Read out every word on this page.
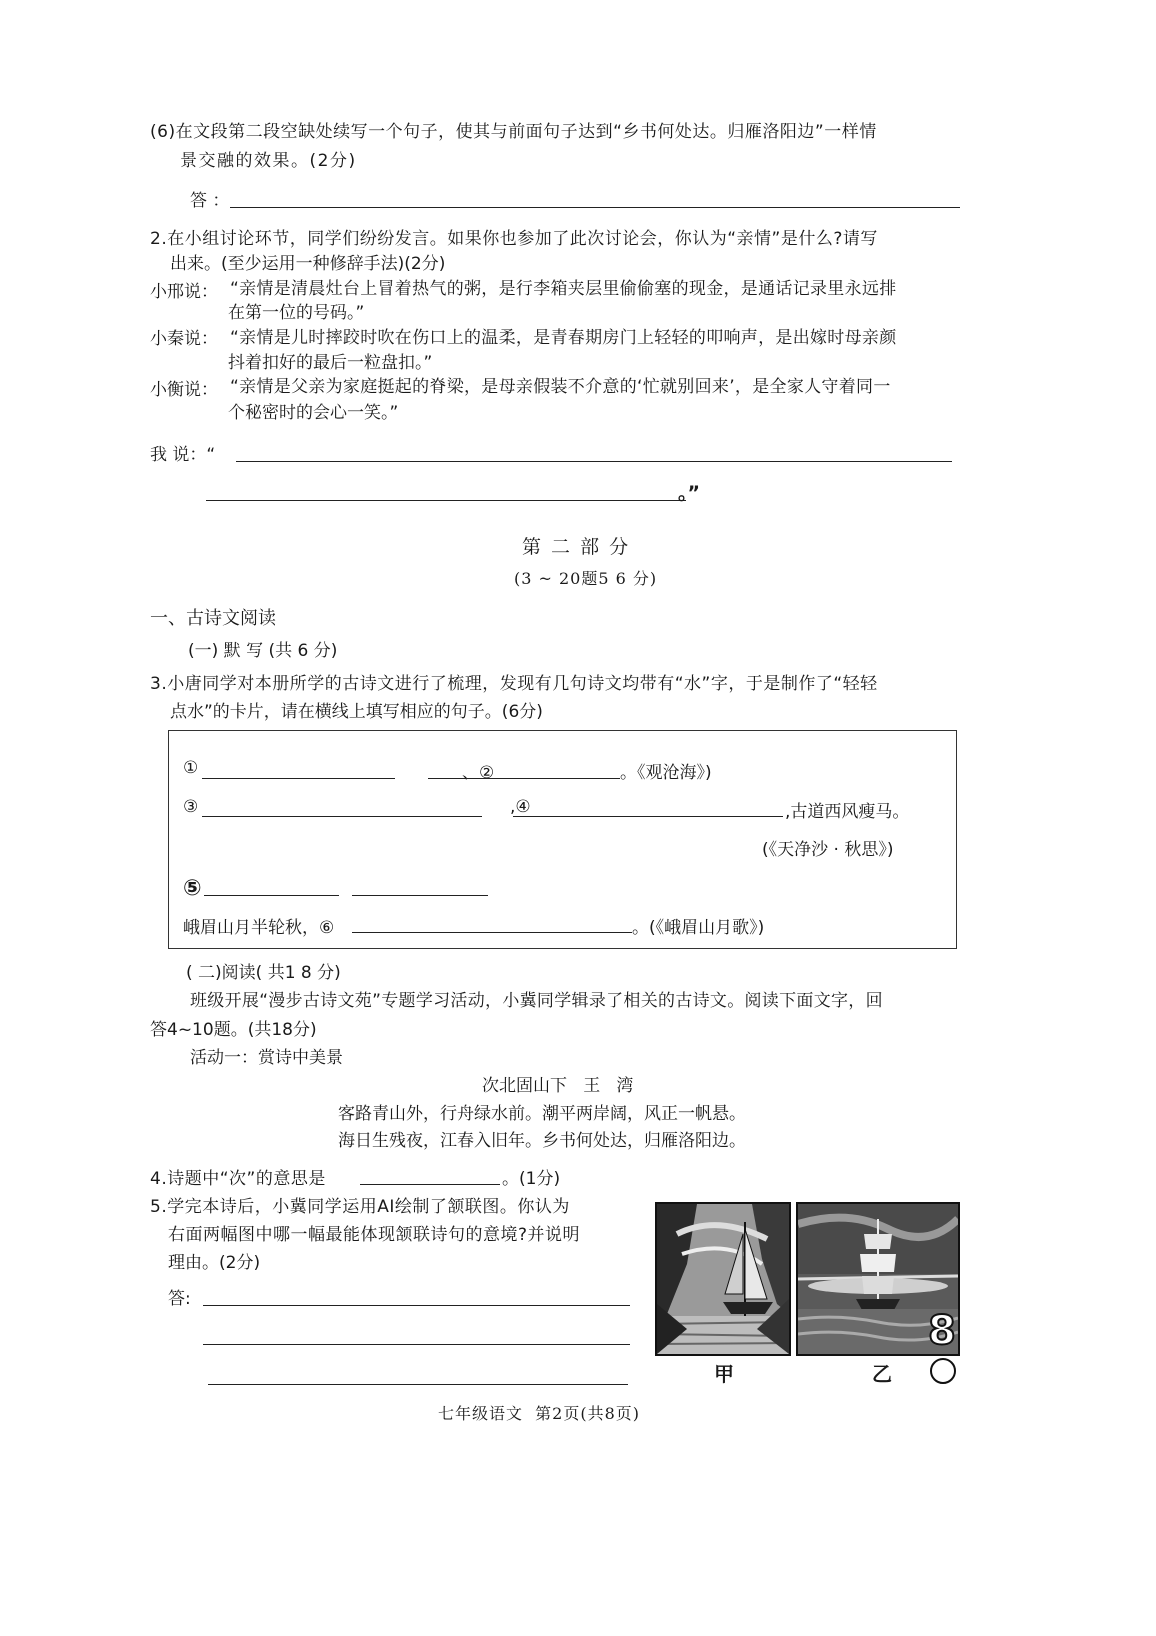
(6)在文段第二段空缺处续写一个句子，使其与前面句子达到“乡书何处达。归雁洛阳边”一样情
景交融的效果。(2分)
答 ：
2.在小组讨论环节，同学们纷纷发言。如果你也参加了此次讨论会，你认为“亲情”是什么?请写
出来。(至少运用一种修辞手法)(2分)
小邢说： “亲情是清晨灶台上冒着热气的粥，是行李箱夹层里偷偷塞的现金，是通话记录里永远排
在第一位的号码。”
小秦说： “亲情是儿时摔跤时吹在伤口上的温柔，是青春期房门上轻轻的叩响声，是出嫁时母亲颜
抖着扣好的最后一粒盘扣。”
小衡说： “亲情是父亲为家庭挺起的脊梁，是母亲假装不介意的‘忙就别回来’，是全家人守着同一
个秘密时的会心一笑。”
我 说：“
。”
第 二 部 分
(3 ~ 20题5 6 分)
一、古诗文阅读
(一) 默 写 (共 6 分)
3.小唐同学对本册所学的古诗文进行了梳理，发现有几句诗文均带有“水”字，于是制作了“轻轻
点水”的卡片，请在横线上填写相应的句子。(6分)
①	、②	。《观沧海》)
③	,④	,古道西风瘦马。
(《天净沙 · 秋思》)
⑤
峨眉山月半轮秋，⑥	。(《峨眉山月歌》)
( 二)阅读( 共1 8 分)
班级开展“漫步古诗文苑”专题学习活动，小冀同学辑录了相关的古诗文。阅读下面文字，回
答4~10题。(共18分)
活动一：赏诗中美景
次北固山下   王   湾
客路青山外，行舟绿水前。潮平两岸阔，风正一帆悬。
海日生残夜，江春入旧年。乡书何处达，归雁洛阳边。
4.诗题中“次”的意思是	。(1分)
5.学完本诗后，小冀同学运用AI绘制了颔联图。你认为
右面两幅图中哪一幅最能体现颔联诗句的意境?并说明
理由。(2分)
答:
甲
8
乙
七年级语文  第2页(共8页)
